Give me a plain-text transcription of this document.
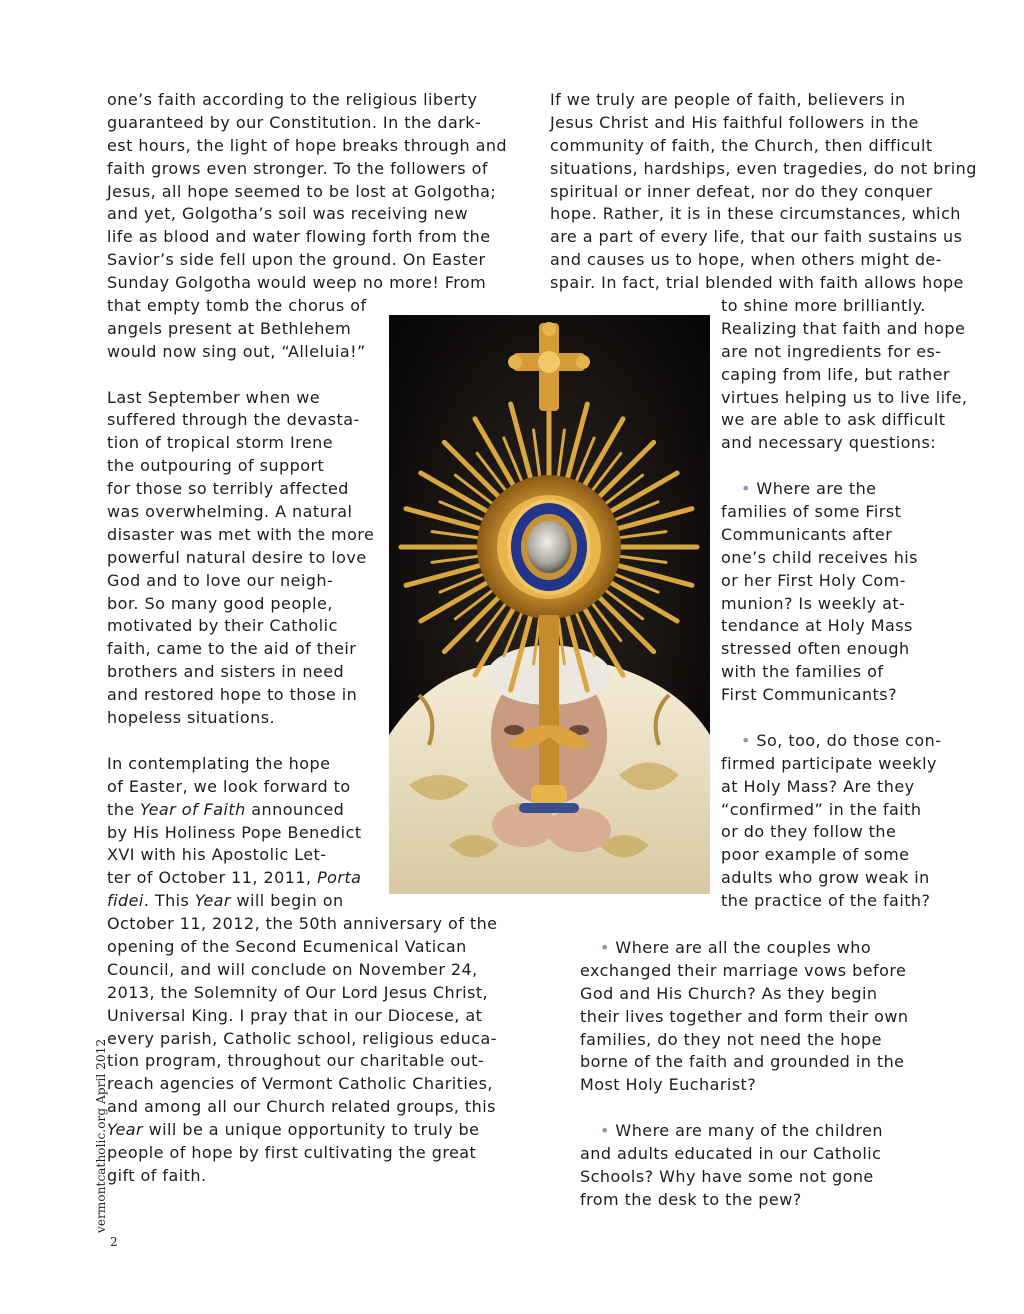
one’s faith according to the religious liberty
guaranteed by our Constitution. In the dark-
est hours, the light of hope breaks through and
faith grows even stronger. To the followers of
Jesus, all hope seemed to be lost at Golgotha;
and yet, Golgotha’s soil was receiving new
life as blood and water flowing forth from the
Savior’s side fell upon the ground. On Easter
Sunday Golgotha would weep no more! From
that empty tomb the chorus of
angels present at Bethlehem
would now sing out, “Alleluia!”

Last September when we
suffered through the devasta-
tion of tropical storm Irene
the outpouring of support
for those so terribly affected
was overwhelming. A natural
disaster was met with the more
powerful natural desire to love
God and to love our neigh-
bor. So many good people,
motivated by their Catholic
faith, came to the aid of their
brothers and sisters in need
and restored hope to those in
hopeless situations.

In contemplating the hope
of Easter, we look forward to
the Year of Faith announced
by His Holiness Pope Benedict
XVI with his Apostolic Let-
ter of October 11, 2011, Porta
fidei. This Year will begin on
October 11, 2012, the 50th anniversary of the
opening of the Second Ecumenical Vatican
Council, and will conclude on November 24,
2013, the Solemnity of Our Lord Jesus Christ,
Universal King. I pray that in our Diocese, at
every parish, Catholic school, religious educa-
tion program, throughout our charitable out-
reach agencies of Vermont Catholic Charities,
and among all our Church related groups, this
Year will be a unique opportunity to truly be
people of hope by first cultivating the great
gift of faith.
If we truly are people of faith, believers in
Jesus Christ and His faithful followers in the
community of faith, the Church, then difficult
situations, hardships, even tragedies, do not bring
spiritual or inner defeat, nor do they conquer
hope. Rather, it is in these circumstances, which
are a part of every life, that our faith sustains us
and causes us to hope, when others might de-
spair. In fact, trial blended with faith allows hope
to shine more brilliantly.
Realizing that faith and hope
are not ingredients for es-
caping from life, but rather
virtues helping us to live life,
we are able to ask difficult
and necessary questions:

• Where are the
families of some First
Communicants after
one’s child receives his
or her First Holy Com-
munion? Is weekly at-
tendance at Holy Mass
stressed often enough
with the families of
First Communicants?

• So, too, do those con-
firmed participate weekly
at Holy Mass? Are they
“confirmed” in the faith
or do they follow the
poor example of some
adults who grow weak in
the practice of the faith?
• Where are all the couples who
exchanged their marriage vows before
God and His Church? As they begin
their lives together and form their own
families, do they not need the hope
borne of the faith and grounded in the
Most Holy Eucharist?

• Where are many of the children
and adults educated in our Catholic
Schools? Why have some not gone
from the desk to the pew?
vermontcatholic.org April 2012
2
